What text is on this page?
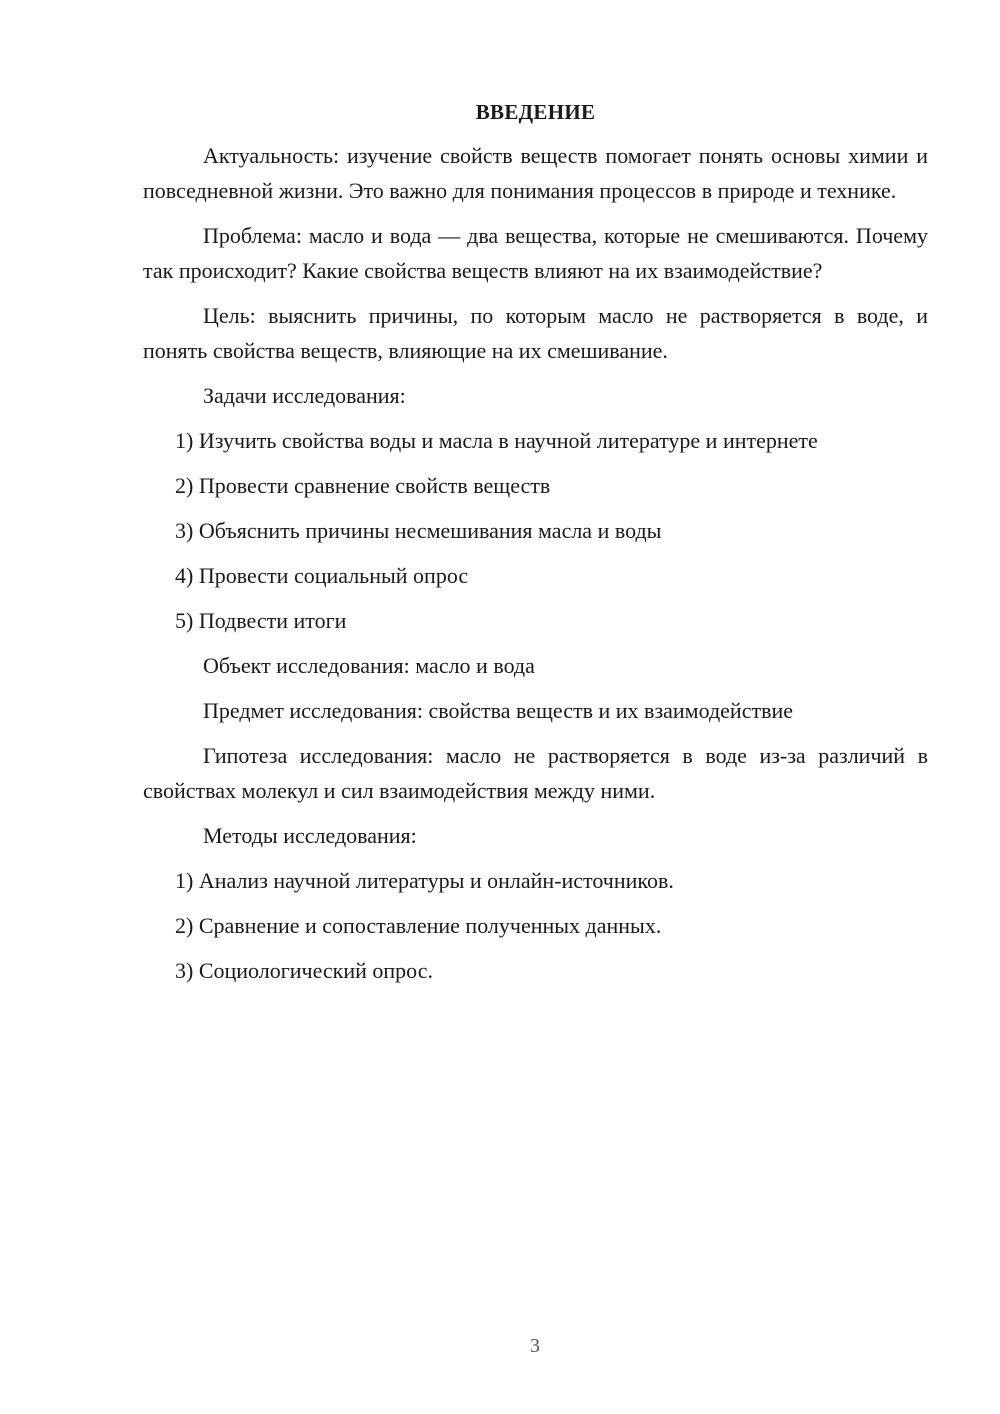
ВВЕДЕНИЕ

Актуальность: изучение свойств веществ помогает понять основы химии и повседневной жизни. Это важно для понимания процессов в природе и технике.

Проблема: масло и вода — два вещества, которые не смешиваются. Почему так происходит? Какие свойства веществ влияют на их взаимодействие?

Цель: выяснить причины, по которым масло не растворяется в воде, и понять свойства веществ, влияющие на их смешивание.

Задачи исследования:

1) Изучить свойства воды и масла в научной литературе и интернете

2) Провести сравнение свойств веществ

3) Объяснить причины несмешивания масла и воды

4) Провести социальный опрос

5) Подвести итоги

Объект исследования: масло и вода

Предмет исследования: свойства веществ и их взаимодействие

Гипотеза исследования: масло не растворяется в воде из-за различий в свойствах молекул и сил взаимодействия между ними.

Методы исследования:

1) Анализ научной литературы и онлайн-источников.

2) Сравнение и сопоставление полученных данных.

3) Социологический опрос.

3
